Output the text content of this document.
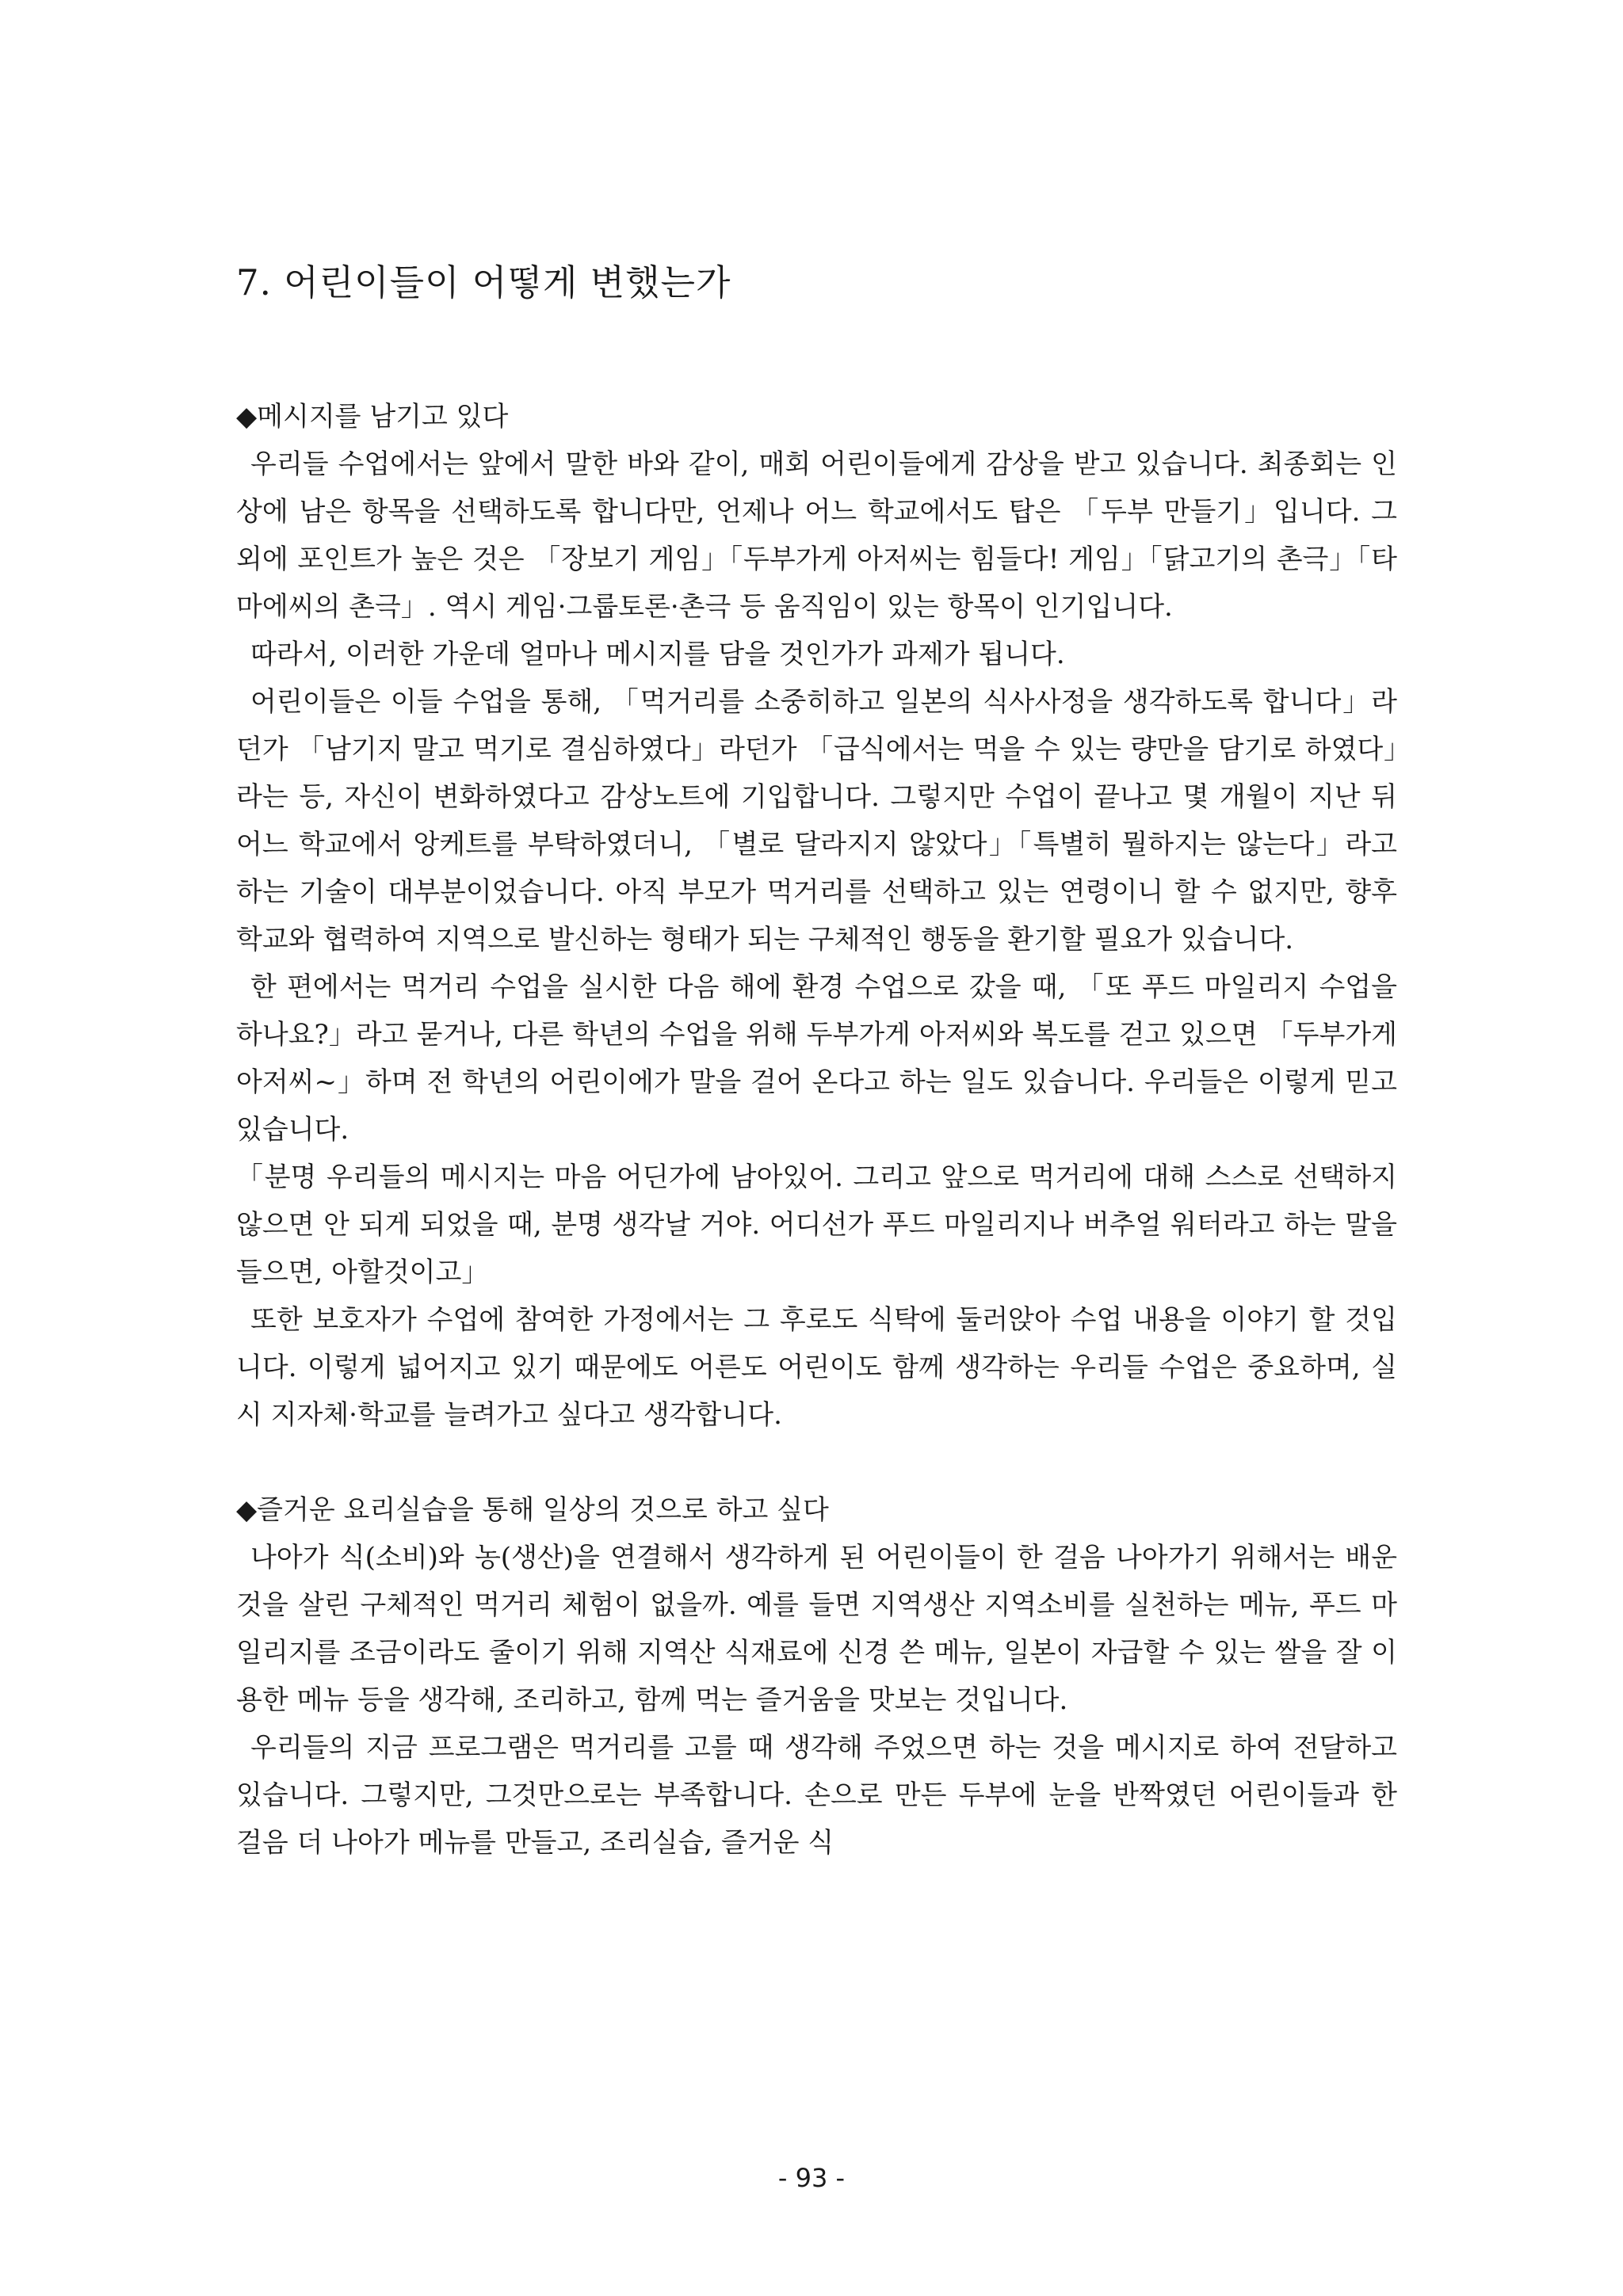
7. 어린이들이 어떻게 변했는가

◆메시지를 남기고 있다

우리들 수업에서는 앞에서 말한 바와 같이, 매회 어린이들에게 감상을 받고 있습니다. 최종회는 인상에 남은 항목을 선택하도록 합니다만, 언제나 어느 학교에서도 탑은 「두부 만들기」입니다. 그 외에 포인트가 높은 것은 「장보기 게임」「두부가게 아저씨는 힘들다! 게임」「닭고기의 촌극」「타마에씨의 촌극」. 역시 게임·그룹토론·촌극 등 움직임이 있는 항목이 인기입니다.

따라서, 이러한 가운데 얼마나 메시지를 담을 것인가가 과제가 됩니다.

어린이들은 이들 수업을 통해, 「먹거리를 소중히하고 일본의 식사사정을 생각하도록 합니다」라던가 「남기지 말고 먹기로 결심하였다」라던가 「급식에서는 먹을 수 있는 량만을 담기로 하였다」라는 등, 자신이 변화하였다고 감상노트에 기입합니다. 그렇지만 수업이 끝나고 몇 개월이 지난 뒤 어느 학교에서 앙케트를 부탁하였더니, 「별로 달라지지 않았다」「특별히 뭘하지는 않는다」라고 하는 기술이 대부분이었습니다. 아직 부모가 먹거리를 선택하고 있는 연령이니 할 수 없지만, 향후 학교와 협력하여 지역으로 발신하는 형태가 되는 구체적인 행동을 환기할 필요가 있습니다.

한 편에서는 먹거리 수업을 실시한 다음 해에 환경 수업으로 갔을 때, 「또 푸드 마일리지 수업을 하나요?」라고 묻거나, 다른 학년의 수업을 위해 두부가게 아저씨와 복도를 걷고 있으면 「두부가게 아저씨~」하며 전 학년의 어린이에가 말을 걸어 온다고 하는 일도 있습니다. 우리들은 이렇게 믿고 있습니다.

「분명 우리들의 메시지는 마음 어딘가에 남아있어. 그리고 앞으로 먹거리에 대해 스스로 선택하지 않으면 안 되게 되었을 때, 분명 생각날 거야. 어디선가 푸드 마일리지나 버추얼 워터라고 하는 말을 들으면, 아할것이고」

또한 보호자가 수업에 참여한 가정에서는 그 후로도 식탁에 둘러앉아 수업 내용을 이야기 할 것입니다. 이렇게 넓어지고 있기 때문에도 어른도 어린이도 함께 생각하는 우리들 수업은 중요하며, 실시 지자체·학교를 늘려가고 싶다고 생각합니다.

◆즐거운 요리실습을 통해 일상의 것으로 하고 싶다

나아가 식(소비)와 농(생산)을 연결해서 생각하게 된 어린이들이 한 걸음 나아가기 위해서는 배운 것을 살린 구체적인 먹거리 체험이 없을까. 예를 들면 지역생산 지역소비를 실천하는 메뉴, 푸드 마일리지를 조금이라도 줄이기 위해 지역산 식재료에 신경 쓴 메뉴, 일본이 자급할 수 있는 쌀을 잘 이용한 메뉴 등을 생각해, 조리하고, 함께 먹는 즐거움을 맛보는 것입니다.

우리들의 지금 프로그램은 먹거리를 고를 때 생각해 주었으면 하는 것을 메시지로 하여 전달하고 있습니다. 그렇지만, 그것만으로는 부족합니다. 손으로 만든 두부에 눈을 반짝였던 어린이들과 한 걸음 더 나아가 메뉴를 만들고, 조리실습, 즐거운 식

- 93 -
